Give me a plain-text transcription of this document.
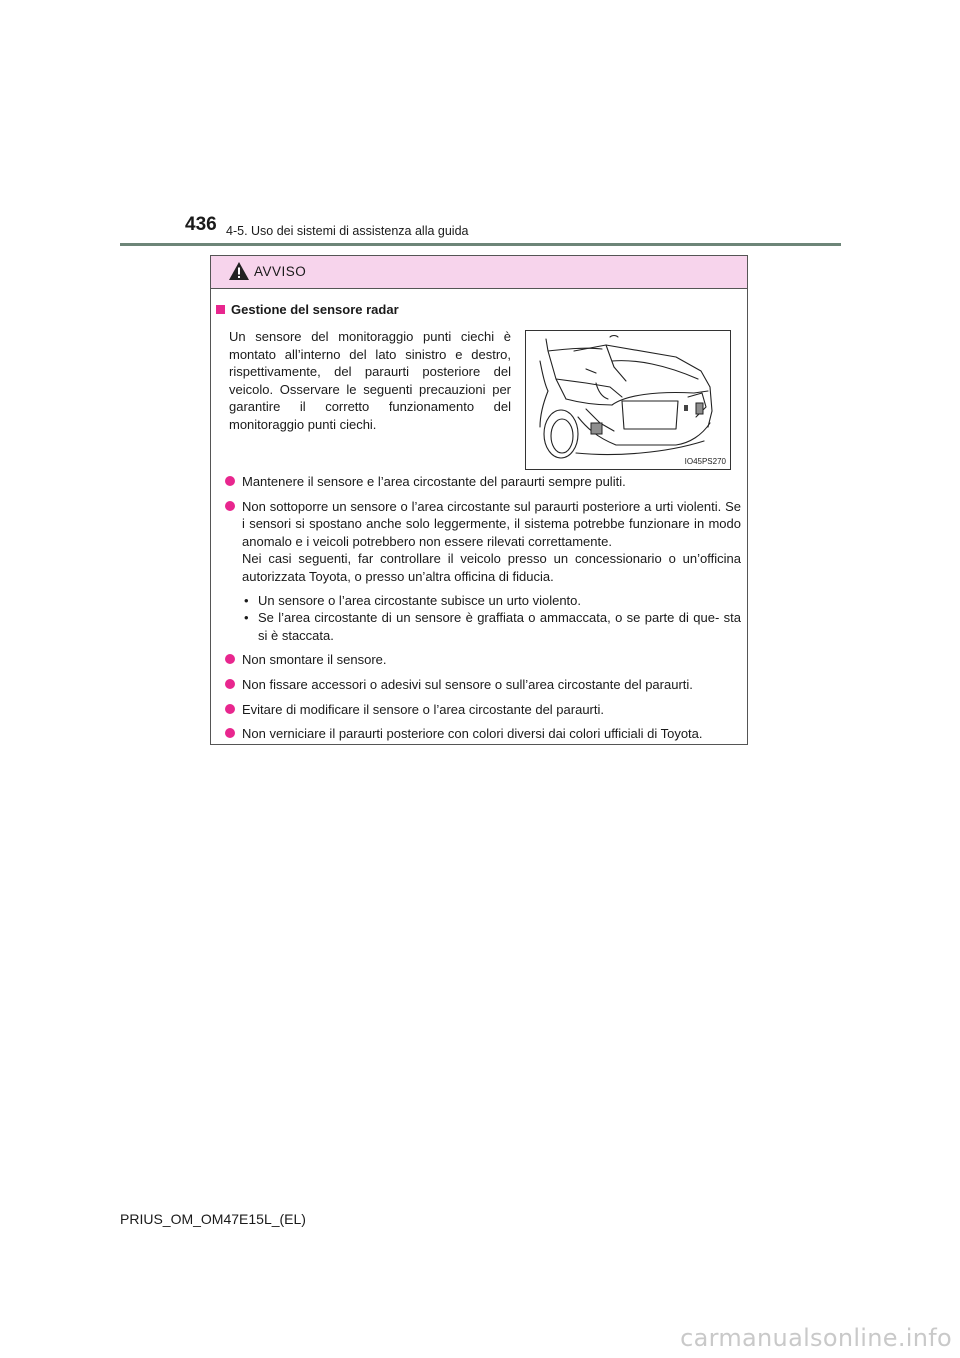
436 4-5. Uso dei sistemi di assistenza alla guida
AVVISO
Gestione del sensore radar
Un sensore del monitoraggio punti ciechi è montato all’interno del lato sinistro e destro, rispettivamente, del paraurti posteriore del veicolo. Osservare le seguenti precauzioni per garantire il corretto funzionamento del monitoraggio punti ciechi.
IO45PS270
Mantenere il sensore e l’area circostante del paraurti sempre puliti.
Non sottoporre un sensore o l’area circostante sul paraurti posteriore a urti violenti. Se i sensori si spostano anche solo leggermente, il sistema potrebbe funzionare in modo anomalo e i veicoli potrebbero non essere rilevati correttamente.
Nei casi seguenti, far controllare il veicolo presso un concessionario o un’officina autorizzata Toyota, o presso un’altra officina di fiducia.
• Un sensore o l’area circostante subisce un urto violento.
• Se l’area circostante di un sensore è graffiata o ammaccata, o se parte di que- sta si è staccata.
Non smontare il sensore.
Non fissare accessori o adesivi sul sensore o sull’area circostante del paraurti.
Evitare di modificare il sensore o l’area circostante del paraurti.
Non verniciare il paraurti posteriore con colori diversi dai colori ufficiali di Toyota.
PRIUS_OM_OM47E15L_(EL)
carmanualsonline.info
